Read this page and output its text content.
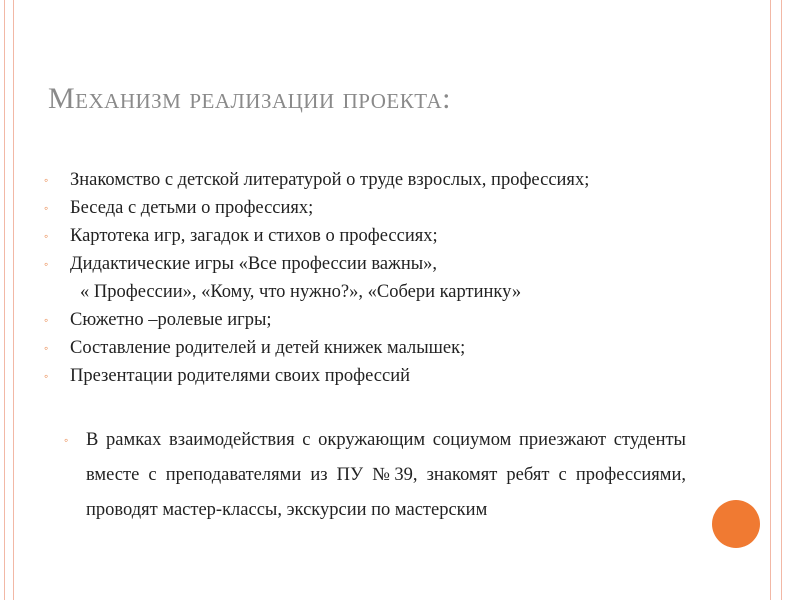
Механизм реализации проекта:
◦ Знакомство с детской литературой о труде взрослых, профессиях;
◦ Беседа с детьми о профессиях;
◦ Картотека игр, загадок и стихов о профессиях;
◦ Дидактические игры «Все профессии важны»,
« Профессии», «Кому, что нужно?», «Собери картинку»
◦ Сюжетно –ролевые игры;
◦ Составление родителей и детей книжек малышек;
◦ Презентации родителями своих профессий
◦ В рамках взаимодействия с окружающим социумом приезжают студенты вместе с преподавателями из ПУ №39, знакомят ребят с профессиями, проводят мастер-классы, экскурсии по мастерским
